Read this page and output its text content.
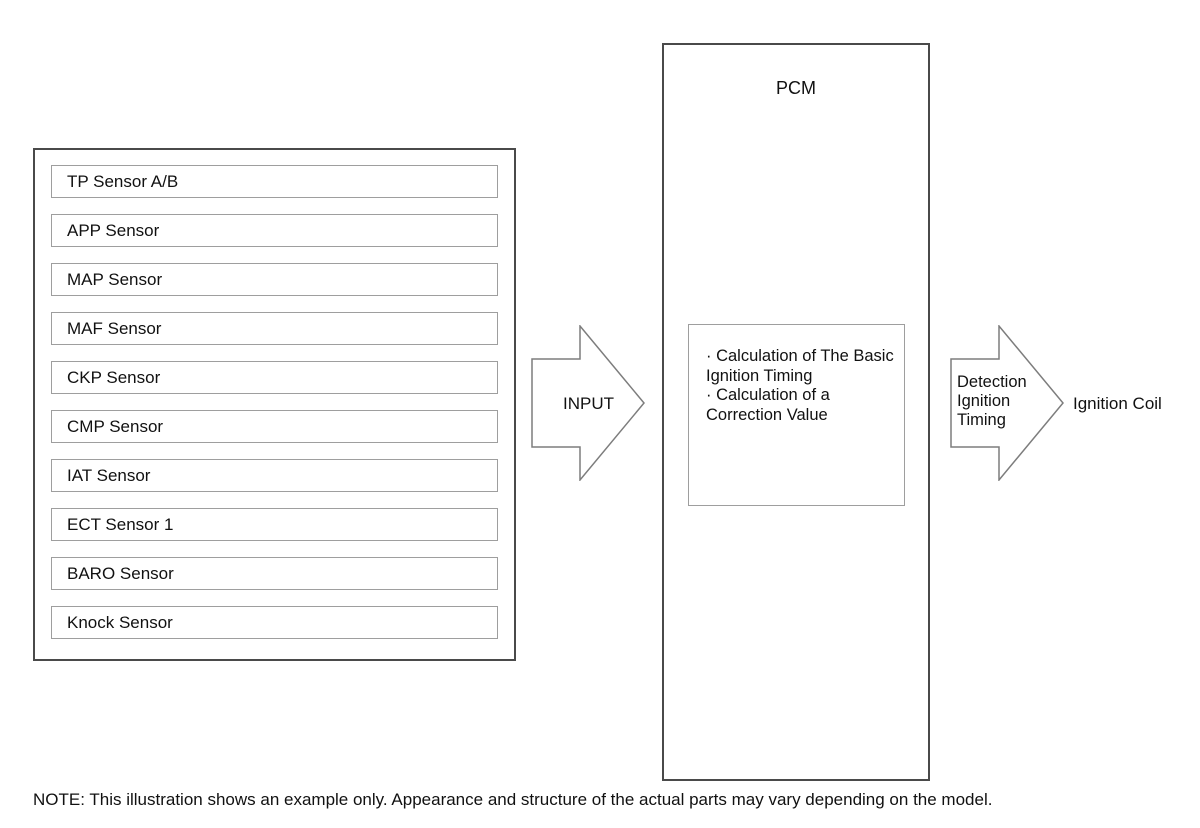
TP Sensor A/B
APP Sensor
MAP Sensor
MAF Sensor
CKP Sensor
CMP Sensor
IAT Sensor
ECT Sensor 1
BARO Sensor
Knock Sensor
INPUT
PCM
· Calculation of The Basic Ignition Timing
· Calculation of a Correction Value
Detection Ignition Timing
Ignition Coil
NOTE: This illustration shows an example only. Appearance and structure of the actual parts may vary depending on the model.
